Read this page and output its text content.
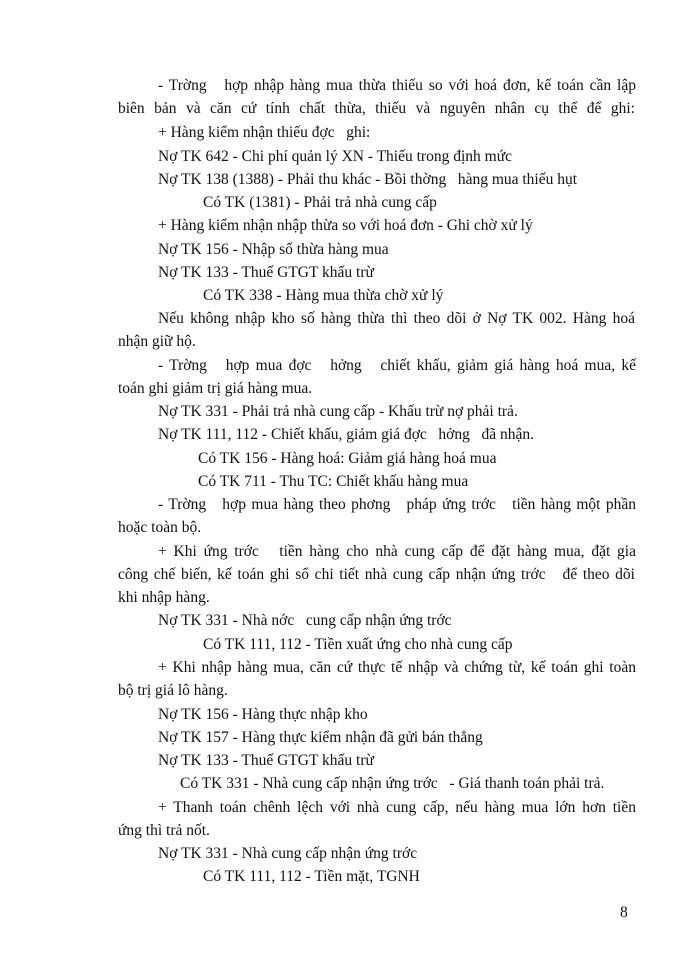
- Trờng   hợp nhập hàng mua thừa thiếu so với hoá đơn, kế toán cần lập
biên bản và căn cứ tính chất thừa, thiếu và nguyên nhân cụ thể để ghi:
+ Hàng kiểm nhận thiếu đợc   ghi:
Nợ TK 642 - Chi phí quản lý XN - Thiếu trong định mức
Nợ TK 138 (1388) - Phải thu khác - Bồi thờng   hàng mua thiếu hụt
Có TK (1381) - Phải trả nhà cung cấp
+ Hàng kiểm nhận nhập thừa so với hoá đơn - Ghi chờ xử lý
Nợ TK 156 - Nhập số thừa hàng mua
Nợ TK 133 - Thuế GTGT khấu trừ
Có TK 338 - Hàng mua thừa chờ xử lý
Nếu không nhập kho số hàng thừa thì theo dõi ở Nợ TK 002. Hàng hoá
nhận giữ hộ.
- Trờng   hợp mua đợc   hởng   chiết khấu, giảm giá hàng hoá mua, kế
toán ghi giảm trị giá hàng mua.
Nợ TK 331 - Phải trả nhà cung cấp - Khấu trừ nợ phải trả.
Nợ TK 111, 112 - Chiết khấu, giảm giá đợc   hởng   đã nhận.
Có TK 156 - Hàng hoá: Giảm giá hàng hoá mua
Có TK 711 - Thu TC: Chiết khấu hàng mua
- Trờng   hợp mua hàng theo phơng   pháp ứng trớc   tiền hàng một phần
hoặc toàn bộ.
+ Khi ứng trớc   tiền hàng cho nhà cung cấp để đặt hàng mua, đặt gia
công chế biến, kế toán ghi sổ chi tiết nhà cung cấp nhận ứng trớc   để theo dõi
khi nhập hàng.
Nợ TK 331 - Nhà nớc   cung cấp nhận ứng trớc
Có TK 111, 112 - Tiền xuất ứng cho nhà cung cấp
+ Khi nhập hàng mua, căn cứ thực tế nhập và chứng từ, kế toán ghi toàn
bộ trị giá lô hàng.
Nợ TK 156 - Hàng thực nhập kho
Nợ TK 157 - Hàng thực kiểm nhận đã gửi bán thẳng
Nợ TK 133 - Thuế GTGT khấu trừ
Có TK 331 - Nhà cung cấp nhận ứng trớc   - Giá thanh toán phải trả.
+ Thanh toán chênh lệch với nhà cung cấp, nếu hàng mua lớn hơn tiền
ứng thì trả nốt.
Nợ TK 331 - Nhà cung cấp nhận ứng trớc
Có TK 111, 112 - Tiền mặt, TGNH
8
